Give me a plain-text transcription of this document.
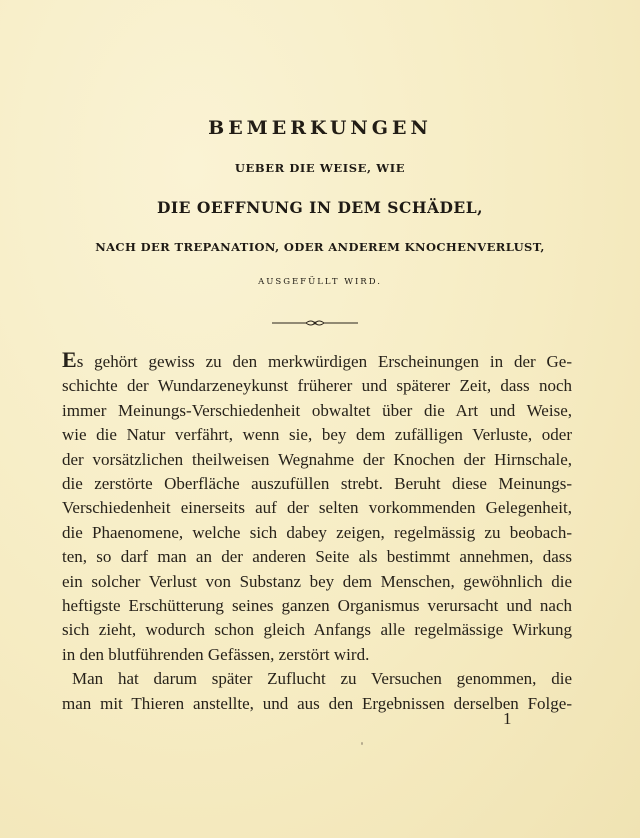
BEMERKUNGEN
UEBER DIE WEISE, WIE
DIE OEFFNUNG IN DEM SCHÄDEL,
NACH DER TREPANATION, ODER ANDEREM KNOCHENVERLUST,
AUSGEFÜLLT WIRD.
Es gehört gewiss zu den merkwürdigen Erscheinungen in der Ge-
schichte der Wundarzeneykunst früherer und späterer Zeit, dass noch
immer Meinungs-Verschiedenheit obwaltet über die Art und Weise,
wie die Natur verfährt, wenn sie, bey dem zufälligen Verluste, oder
der vorsätzlichen theilweisen Wegnahme der Knochen der Hirnschale,
die zerstörte Oberfläche auszufüllen strebt. Beruht diese Meinungs-
Verschiedenheit einerseits auf der selten vorkommenden Gelegenheit,
die Phaenomene, welche sich dabey zeigen, regelmässig zu beobach-
ten, so darf man an der anderen Seite als bestimmt annehmen, dass
ein solcher Verlust von Substanz bey dem Menschen, gewöhnlich die
heftigste Erschütterung seines ganzen Organismus verursacht und nach
sich zieht, wodurch schon gleich Anfangs alle regelmässige Wirkung
in den blutführenden Gefässen, zerstört wird.
Man hat darum später Zuflucht zu Versuchen genommen, die
man mit Thieren anstellte, und aus den Ergebnissen derselben Folge-
1
